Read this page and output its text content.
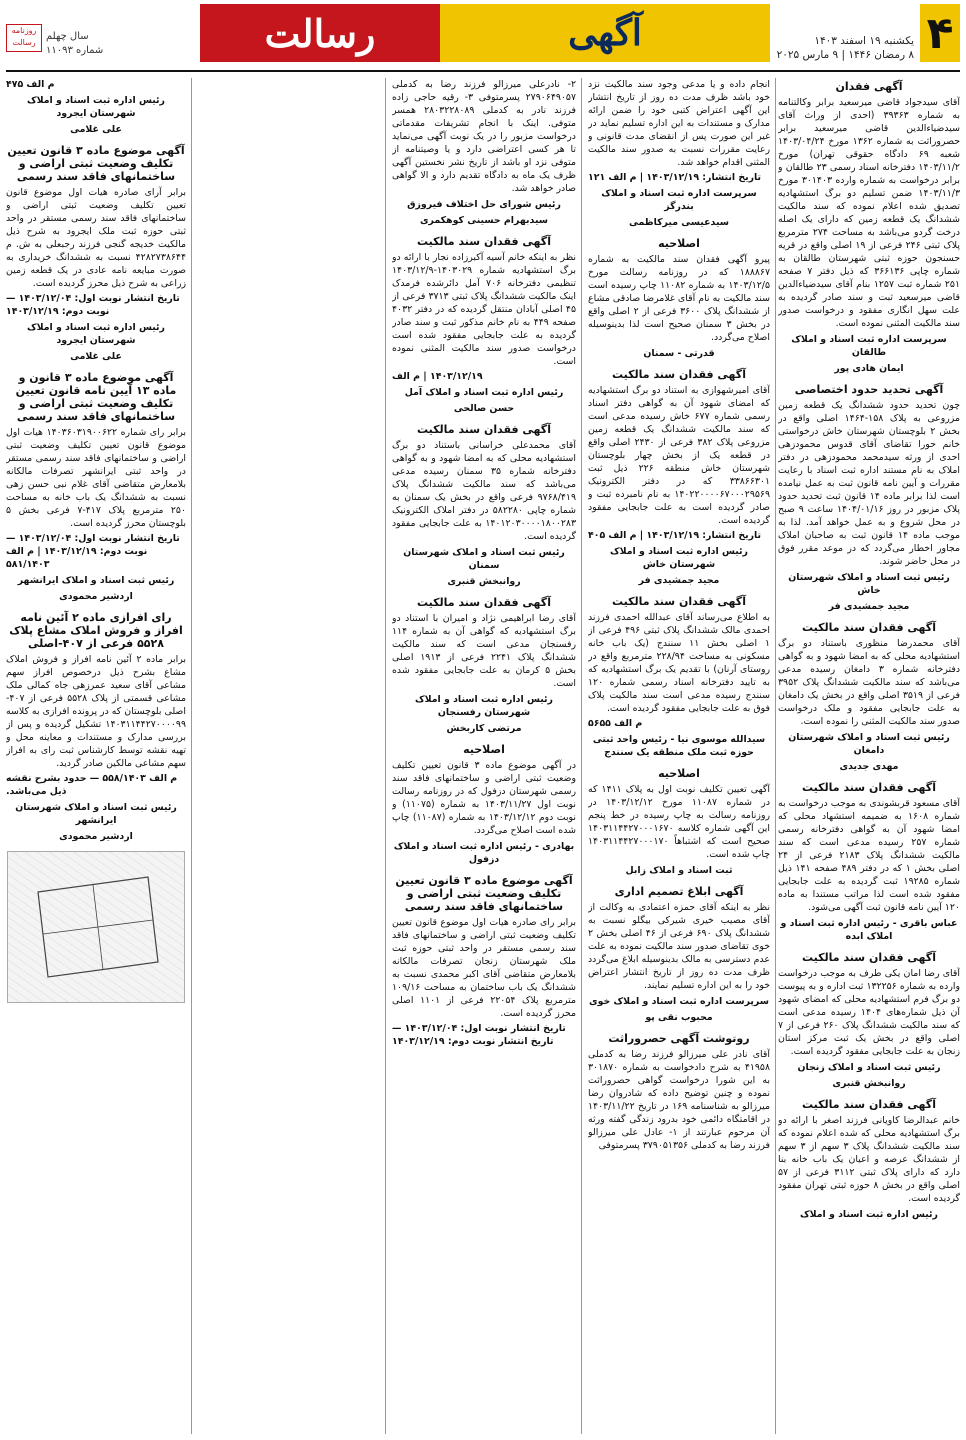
۴
یکشنبه ۱۹ اسفند ۱۴۰۳
۸ رمضان ۱۴۴۶ | ۹ مارس ۲۰۲۵
آگهی
رسالت
سال چهلم
شماره ۱۱۰۹۳
روزنامه رسالت
آگهی فقدان

آقای سیدجواد قاضی میرسعید برابر وکالتنامه به شماره ۳۹۳۶۳ (احدی از وراث آقای سیدضیاءالدین قاضی میرسعید برابر حصروراثت به شماره ۱۳۶۲ مورخ ۱۴۰۳/۰۴/۲۴ شعبه ۶۹ دادگاه حقوقی تهران) مورخ ۱۴۰۳/۱۱/۲ دفترخانه اسناد رسمی ۲۳ طالقان و برابر درخواست به شماره وارده ۳۰۱۴۰۳ مورخ ۱۴۰۳/۱۱/۳ ضمن تسلیم دو برگ استشهادیه تصدیق شده اعلام نموده که سند مالکیت ششدانگ یک قطعه زمین که دارای یک اصله درخت گردو می‌باشد به مساحت ۲۷۴ مترمربع پلاک ثبتی ۲۴۶ فرعی از ۱۹ اصلی واقع در قریه حسنجون حوزه ثبتی شهرستان طالقان به شماره چاپی ۳۶۶۱۳۶ که ذیل دفتر ۷ صفحه ۲۵۱ شماره ثبت ۱۲۵۷ بنام آقای سیدضیاءالدین قاضی میرسعید ثبت و سند صادر گردیده به علت سهل انگاری مفقود و درخواست صدور سند مالکیت المثنی نموده است.

سرپرست اداره ثبت اسناد و املاک طالقان

ایمان هادی پور

آگهی تحدید حدود اختصاصی

چون تحدید حدود ششدانگ یک قطعه زمین مزروعی به پلاک ۱۵۸-۱۴۶۴ اصلی واقع در بخش ۲ بلوچستان شهرستان خاش درخواستی خانم حورا تقاضای آقای قدوس محمودزهی احدی از ورثه سیدمحمد محمودزهی در دفتر املاک به نام مستند اداره ثبت اسناد با رعایت مقررات و آیین نامه قانون ثبت به عمل نیامده است لذا برابر ماده ۱۴ قانون ثبت تحدید حدود پلاک مزبور در روز ۱۴۰۴/۰۱/۱۶ ساعت ۹ صبح در محل شروع و به عمل خواهد آمد. لذا به موجب ماده ۱۴ قانون ثبت به صاحبان املاک مجاور اخطار می‌گردد که در موعد مقرر فوق در محل حاضر شوند.

رئیس ثبت اسناد و املاک شهرستان خاش

مجید جمشیدی فر

آگهی فقدان سند مالکیت

آقای محمدرضا منظوری باستناد دو برگ استشهادیه محلی که به امضا شهود و به گواهی دفترخانه شماره ۳ دامغان رسیده مدعی می‌باشد که سند مالکیت ششدانگ پلاک ۳۹۵۲ فرعی از ۳۵۱۹ اصلی واقع در بخش یک دامغان به علت جابجایی مفقود و ملک درخواست صدور سند مالکیت المثنی را نموده است.

رئیس ثبت اسناد و املاک شهرستان دامغان

مهدی جدیدی

آگهی فقدان سند مالکیت

آقای مسعود قربشوندی به موجب درخواست به شماره ۱۶۰۸ به ضمیمه استشهاد محلی که امضا شهود آن به گواهی دفترخانه رسمی شماره ۲۵۷ رسیده مدعی است که سند مالکیت ششدانگ پلاک ۲۱۸۳ فرعی از ۲۴ اصلی بخش ۱ که در دفتر ۴۸۹ صفحه ۱۴۱ ذیل شماره ۱۹۲۸۵ ثبت گردیده به علت جابجایی مفقود شده است لذا مراتب مستندا به ماده ۱۲۰ آیین نامه قانون ثبت آگهی می‌شود.

عباس باقری - رئیس اداره ثبت اسناد و املاک ابده

آگهی فقدان سند مالکیت

آقای رضا امان یکی طرف به موجب درخواست وارده به شماره ۱۳۲۲۵۶ ثبت اداره و به پیوست دو برگ فرم استشهادیه محلی که امضای شهود آن ذیل شماره‌های ۱۴۰۴ رسیده مدعی است که سند مالکیت ششدانگ پلاک ۲۶۰ فرعی از ۷ اصلی واقع در بخش یک ثبت مرکز استان زنجان به علت جابجایی مفقود گردیده است.

رئیس ثبت اسناد و املاک زنجان

روانبخش قنبری

آگهی فقدان سند مالکیت

خانم عبدالرضا کاویانی فرزند اصغر با ارائه دو برگ استشهادیه محلی که شده اعلام نموده که سند مالکیت ششدانگ پلاک ۳ سهم از ۳ سهم از ششدانگ عرصه و اعیان یک باب خانه بنا دارد که دارای پلاک ثبتی ۳۱۱۲ فرعی از ۵۷ اصلی واقع در بخش ۸ حوزه ثبتی تهران مفقود گردیده است.

رئیس اداره ثبت اسناد و املاک

انجام داده و یا مدعی وجود سند مالکیت نزد خود باشد ظرف مدت ده روز از تاریخ انتشار این آگهی اعتراض کتبی خود را ضمن ارائه مدارک و مستندات به این اداره تسلیم نماید در غیر این صورت پس از انقضای مدت قانونی و رعایت مقررات نسبت به صدور سند مالکیت المثنی اقدام خواهد شد.

تاریخ انتشار: ۱۴۰۳/۱۲/۱۹ | م الف ۱۲۱

سرپرست اداره ثبت اسناد و املاک بندرگز

سیدعیسی میرکاظمی

اصلاحیه

پیرو آگهی فقدان سند مالکیت به شماره ۱۸۸۸۶۷ که در روزنامه رسالت مورخ ۱۴۰۳/۱۲/۵ به شماره ۱۱۰۸۲ چاپ رسیده است سند مالکیت به نام آقای غلامرضا صادقی مشاع از ششدانگ پلاک ۳۶۰۰ فرعی از ۲ اصلی واقع در بخش ۳ سمنان صحیح است لذا بدینوسیله اصلاح می‌گردد.

قدرتی - سمنان

آگهی فقدان سند مالکیت

آقای امیرشهوازی به استناد دو برگ استشهادیه که امضای شهود آن به گواهی دفتر اسناد رسمی شماره ۶۷۷ خاش رسیده مدعی است که سند مالکیت ششدانگ یک قطعه زمین مزروعی پلاک ۳۸۲ فرعی از ۲۴۳۰ اصلی واقع در قطعه یک از بخش چهار بلوچستان شهرستان خاش منطقه ۲۲۶ ذیل ثبت ۳۳۸۶۶۳۰۱ که در دفتر الکترونیک ۱۴۰۲۲۰۰۰۰۶۷۰۰۰۲۹۵۶۹ به نام نامبرده ثبت و صادر گردیده است به علت جابجایی مفقود گردیده است.

تاریخ انتشار: ۱۴۰۳/۱۲/۱۹ | م الف ۴۰۵

رئیس اداره ثبت اسناد و املاک شهرستان خاش

مجید جمشیدی فر

آگهی فقدان سند مالکیت

به اطلاع می‌رساند آقای عبدالله احمدی فرزند احمدی مالک ششدانگ پلاک ثبتی ۴۹۶ فرعی از ۱ اصلی بخش ۱۱ سنندج (یک باب خانه مسکونی به مساحت ۲۲۸/۹۴ مترمربع واقع در روستای آرنان) با تقدیم یک برگ استشهادیه که به تایید دفترخانه اسناد رسمی شماره ۱۲۰ سنندج رسیده مدعی است سند مالکیت پلاک فوق به علت جابجایی مفقود گردیده است.

م الف ۵۶۵۵

سیدالله موسوی نیا - رئیس واحد ثبتی حوزه ثبت ملک منطقه یک سنندج

اصلاحیه

آگهی تعیین تکلیف نوبت اول به پلاک ۱۴۱۱ که در شماره ۱۱۰۸۷ مورخ ۱۴۰۳/۱۲/۱۲ در روزنامه رسالت به چاپ رسیده در خط پنجم این آگهی شماره کلاسه ۱۴۰۳۱۱۴۴۲۷۰۰۰۱۶۷۰ صحیح است که اشتباهاً ۱۴۰۳۱۱۴۴۲۷۰۰۰۱۷۰ چاپ شده است.

ثبت اسناد و املاک زابل

آگهی ابلاغ تصمیم اداری

نظر به اینکه آقای حمزه اعتمادی به وکالت از آقای مصیب خیری شیرکی بیگلو نسبت به ششدانگ پلاک ۶۹۰ فرعی از ۴۶ اصلی بخش ۲ خوی تقاضای صدور سند مالکیت نموده به علت عدم دسترسی به مالک بدینوسیله ابلاغ می‌گردد ظرف مدت ده روز از تاریخ انتشار اعتراض خود را به این اداره تسلیم نمایند.

سرپرست اداره ثبت اسناد و املاک خوی

محبوب نقی پو

روتوشت آگهی حصروراثت

آقای نادر علی میرزالو فرزند رضا به کدملی ۴۱۹۵۸ به شرح دادخواست به شماره ۳۰۱۸۷۰ به این شورا درخواست گواهی حصروراثت نموده و چنین توضیح داده که شادروان رضا میرزالو به شناسنامه ۱۶۹ در تاریخ ۱۴۰۳/۱۱/۲۲ در اقامتگاه دائمی خود بدرود زندگی گفته ورثه آن مرحوم عبارتند از ۱- عادل علی میرزالو فرزند رضا به کدملی ۳۷۹۰۵۱۳۵۶ پسرمتوفی

۲- نادرعلی میرزالو فرزند رضا به کدملی ۲۷۹۰۶۴۹۰۵۷ پسرمتوفی ۳- رقیه حاجی زاده فرزند نادر به کدملی ۲۸۰۳۲۲۸۰۸۹ همسر متوفی. اینک با انجام تشریفات مقدماتی درخواست مزبور را در یک نوبت آگهی می‌نماید تا هر کسی اعتراضی دارد و یا وصیتنامه از متوفی نزد او باشد از تاریخ نشر نخستین آگهی ظرف یک ماه به دادگاه تقدیم دارد و الا گواهی صادر خواهد شد.

رئیس شورای حل اختلاف فیروزق

سیدبهرام حسینی کوهکمری

آگهی فقدان سند مالکیت

نظر به اینکه خانم آسیه آکبرزاده نجار با ارائه دو برگ استشهادیه شماره ۱۴۰۳۰۲۹-۱۴۰۳/۱۲/۹ تنظیمی دفترخانه ۷۰۶ آمل دائرشده فرمدک اینک مالکیت ششدانگ پلاک ثبتی ۳۷۱۳ فرعی از ۴۵ اصلی آبادان منتقل گردیده که در دفتر ۴۰۳۲ صفحه ۴۴۹ به نام خانم مذکور ثبت و سند صادر گردیده به علت جابجایی مفقود شده است درخواست صدور سند مالکیت المثنی نموده است.

۱۴۰۳/۱۲/۱۹ | م الف

رئیس اداره ثبت اسناد و املاک آمل

حسن صالحی

آگهی فقدان سند مالکیت

آقای محمدعلی خراسانی باستناد دو برگ استشهادیه محلی که به امضا شهود و به گواهی دفترخانه شماره ۳۵ سمنان رسیده مدعی می‌باشد که سند مالکیت ششدانگ پلاک ۹۷۶۸/۴۱۹ فرعی واقع در بخش یک سمنان به شماره چاپی ۵۸۲۲۸۰ در دفتر املاک الکترونیک ۱۴۰۱۲۰۳۰۰۰۰۱۸۰۰۲۸۳ به علت جابجایی مفقود گردیده است.

رئیس ثبت اسناد و املاک شهرستان سمنان

روانبخش قنبری

آگهی فقدان سند مالکیت

آقای رضا ابراهیمی نژاد و امیران با استناد دو برگ استشهادیه که گواهی آن به شماره ۱۱۴ رفسنجان مدعی است که سند مالکیت ششدانگ پلاک ۲۲۴۱ فرعی از ۱۹۱۳ اصلی بخش ۵ کرمان به علت جابجایی مفقود شده است.

رئیس اداره ثبت اسناد و املاک شهرستان رفسنجان

مرتضی کاربخش

اصلاحیه

در آگهی موضوع ماده ۳ قانون تعیین تکلیف وضعیت ثبتی اراضی و ساختمانهای فاقد سند رسمی شهرستان دزفول که در روزنامه رسالت نوبت اول ۱۴۰۳/۱۱/۲۷ به شماره (۱۱۰۷۵) و نوبت دوم ۱۴۰۳/۱۲/۱۲ به شماره (۱۱۰۸۷) چاپ شده است اصلاح می‌گردد.

بهادری - رئیس اداره ثبت اسناد و املاک دزفول

آگهی موضوع ماده ۳ قانون تعیین تکلیف وضعیت ثبتی اراضی و ساختمانهای فاقد سند رسمی

برابر رای صادره هیات اول موضوع قانون تعیین تکلیف وضعیت ثبتی اراضی و ساختمانهای فاقد سند رسمی مستقر در واحد ثبتی حوزه ثبت ملک شهرستان زنجان تصرفات مالکانه بلامعارض متقاضی آقای اکبر محمدی نسبت به ششدانگ یک باب ساختمان به مساحت ۱۰۹/۱۶ مترمربع پلاک ۲۲۰۵۴ فرعی از ۱۱۰۱ اصلی محرز گردیده است.

تاریخ انتشار نوبت اول: ۱۴۰۳/۱۲/۰۴ — تاریخ انتشار نوبت دوم: ۱۴۰۳/۱۲/۱۹

م الف ۴۷۵

رئیس اداره ثبت اسناد و املاک شهرستان ایجرود

علی غلامی

آگهی موضوع ماده ۳ قانون تعیین تکلیف وضعیت ثبتی اراضی و ساختمانهای فاقد سند رسمی

برابر آرای صادره هیات اول موضوع قانون تعیین تکلیف وضعیت ثبتی اراضی و ساختمانهای فاقد سند رسمی مستقر در واحد ثبتی حوزه ثبت ملک ایجرود به شرح ذیل مالکیت خدیجه گنجی فرزند رجبعلی به ش. م ۴۲۸۲۷۳۸۶۴۴ نسبت به ششدانگ خریداری به صورت مبایعه نامه عادی در یک قطعه زمین زراعی به شرح ذیل محرز گردیده است.

تاریخ انتشار نوبت اول: ۱۴۰۳/۱۲/۰۴ — نوبت دوم: ۱۴۰۳/۱۲/۱۹

رئیس اداره ثبت اسناد و املاک شهرستان ایجرود

علی غلامی

آگهی موضوع ماده ۳ قانون و ماده ۱۳ آیین نامه قانون تعیین تکلیف وضعیت ثبتی اراضی و ساختمانهای فاقد سند رسمی

برابر رای شماره ۱۴۰۳۶۰۳۱۹۰۰۶۲۲ هیات اول موضوع قانون تعیین تکلیف وضعیت ثبتی اراضی و ساختمانهای فاقد سند رسمی مستقر در واحد ثبتی ایرانشهر تصرفات مالکانه بلامعارض متقاضی آقای غلام نبی حسن زهی نسبت به ششدانگ یک باب خانه به مساحت ۲۵۰ مترمربع پلاک ۴۱۷-۷ فرعی بخش ۵ بلوچستان محرز گردیده است.

تاریخ انتشار نوبت اول: ۱۴۰۳/۱۲/۰۴ — نوبت دوم: ۱۴۰۳/۱۲/۱۹ | م الف ۵۸۱/۱۴۰۳

رئیس ثبت اسناد و املاک ایرانشهر

اردشیر محمودی

رای افرازی ماده ۲ آئین نامه افراز و فروش املاک مشاع پلاک ۵۵۲۸ فرعی از ۴۰۷-اصلی

برابر ماده ۲ آئین نامه افراز و فروش املاک مشاع بشرح ذیل درخصوص افراز سهم مشاعی آقای سعید عمرزهی جاه کمالی ملک مشاعی قسمتی از پلاک ۵۵۲۸ فرعی از ۴۰۷-اصلی بلوچستان که در پرونده افرازی به کلاسه ۱۴۰۳۱۱۴۴۲۷۰۰۰۰۹۹ تشکیل گردیده و پس از بررسی مدارک و مستندات و معاینه محل و تهیه نقشه توسط کارشناس ثبت رای به افراز سهم مشاعی مالکین صادر گردید.

م الف ۵۵۸/۱۴۰۳ — حدود بشرح نقشه ذیل می‌باشد.

رئیس ثبت اسناد و املاک شهرستان ایرانشهر

اردشیر محمودی
